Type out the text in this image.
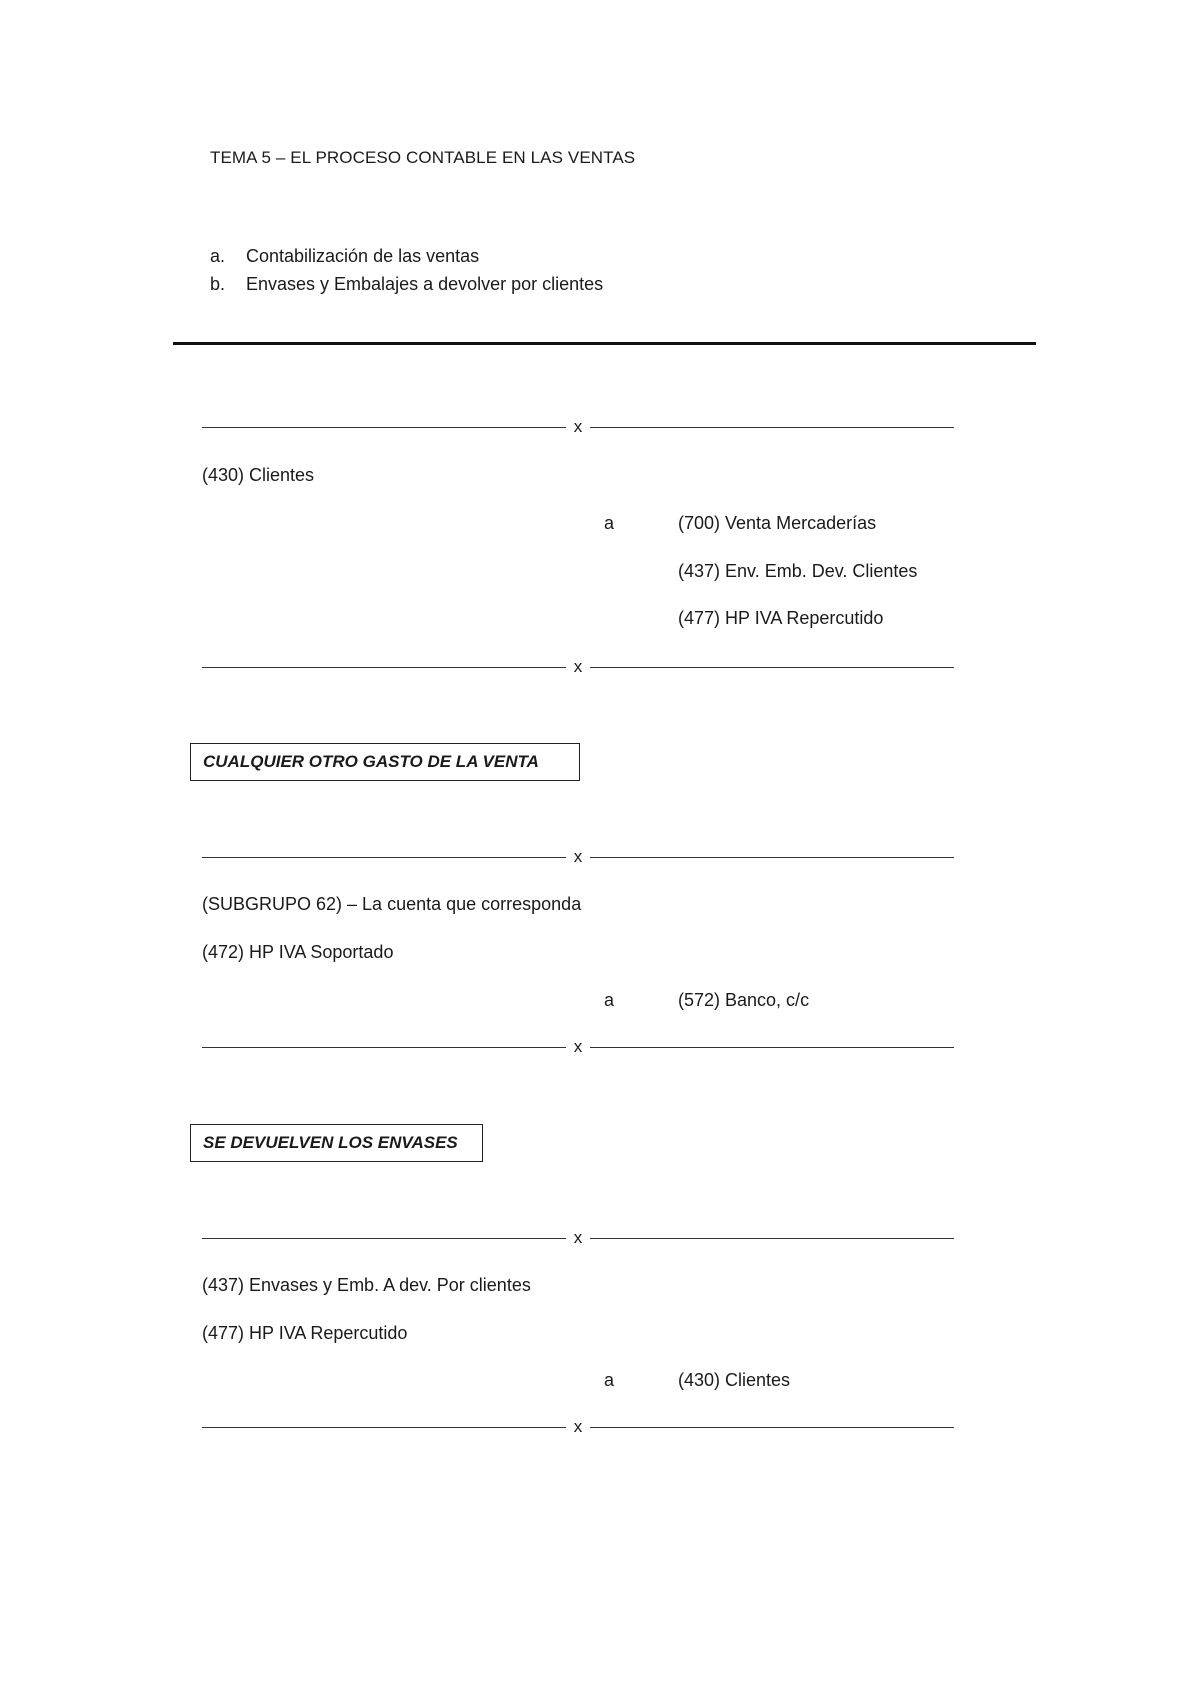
TEMA 5 – EL PROCESO CONTABLE EN LAS VENTAS
a. Contabilización de las ventas
b. Envases y Embalajes a devolver por clientes
x
(430) Clientes
a	(700) Venta Mercaderías
(437) Env. Emb. Dev. Clientes
(477) HP IVA Repercutido
x
CUALQUIER OTRO GASTO DE LA VENTA
x
(SUBGRUPO 62) – La cuenta que corresponda
(472) HP IVA Soportado
a	(572) Banco, c/c
x
SE DEVUELVEN LOS ENVASES
x
(437) Envases y Emb. A dev. Por clientes
(477) HP IVA Repercutido
a	(430) Clientes
x
